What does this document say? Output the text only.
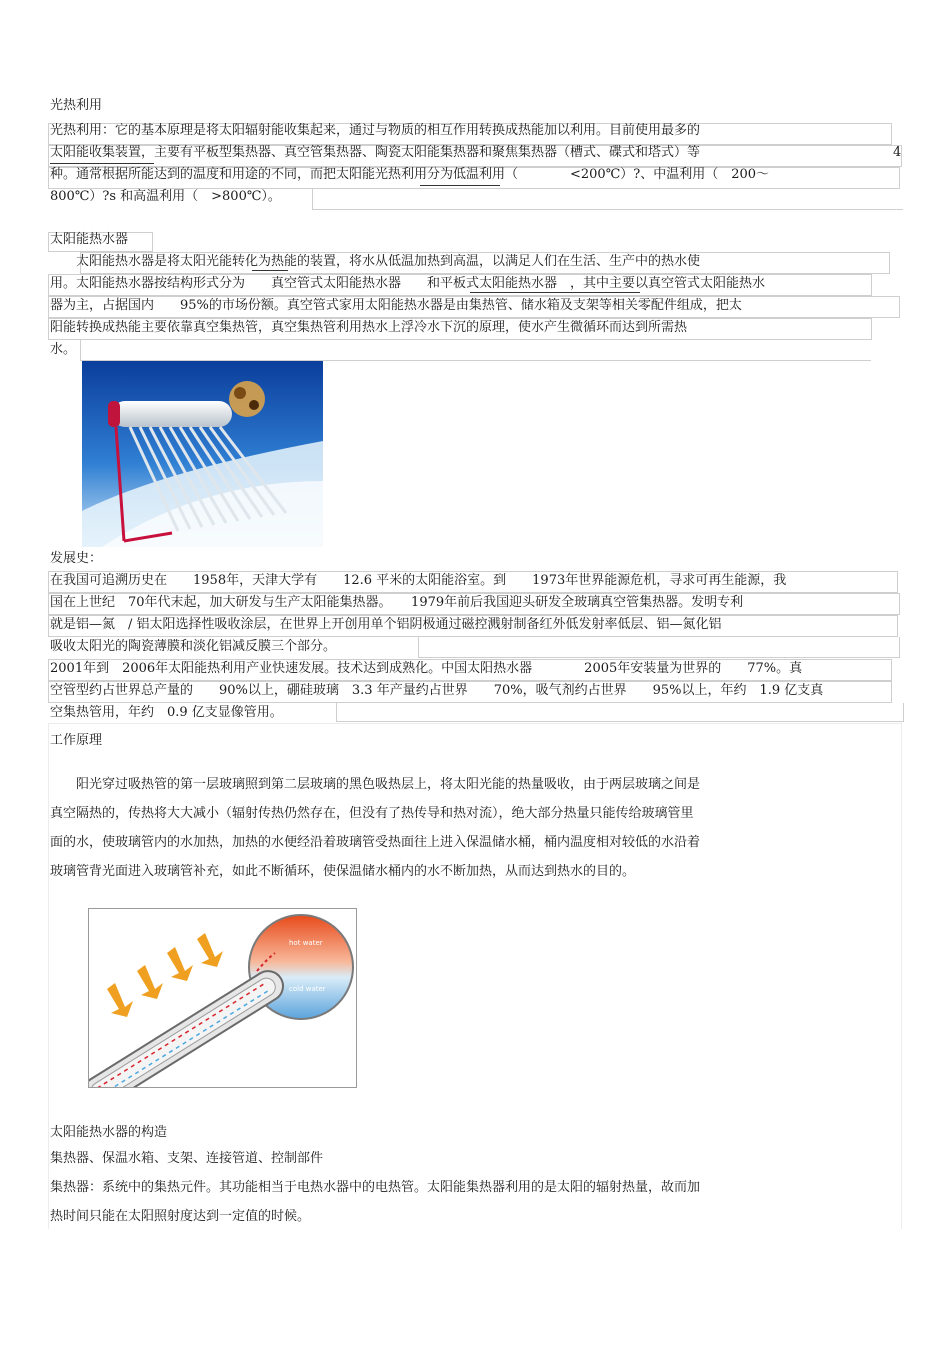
光热利用
光热利用：它的基本原理是将太阳辐射能收集起来，通过与物质的相互作用转换成热能加以利用。目前使用最多的
太阳能收集装置，主要有平板型集热器、真空管集热器、陶瓷太阳能集热器和聚焦集热器（槽式、碟式和塔式）等	4
种。通常根据所能达到的温度和用途的不同，而把太阳能光热利用分为低温利用（　　　　<200℃）?、中温利用（　200～
800℃）?s 和高温利用（　>800℃）。
太阳能热水器
　　太阳能热水器是将太阳光能转化为热能的装置，将水从低温加热到高温，以满足人们在生活、生产中的热水使
用。太阳能热水器按结构形式分为　　真空管式太阳能热水器　　和平板式太阳能热水器　，其中主要以真空管式太阳能热水
器为主，占据国内　　95%的市场份额。真空管式家用太阳能热水器是由集热管、储水箱及支架等相关零配件组成，把太
阳能转换成热能主要依靠真空集热管，真空集热管利用热水上浮冷水下沉的原理，使水产生微循环而达到所需热
水。
发展史：
在我国可追溯历史在　　1958年，天津大学有　　12.6 平米的太阳能浴室。到　　1973年世界能源危机，寻求可再生能源，我
国在上世纪　70年代末起，加大研发与生产太阳能集热器。　　1979年前后我国迎头研发全玻璃真空管集热器。发明专利
就是铝—氮　/ 铝太阳选择性吸收涂层，在世界上开创用单个铝阴极通过磁控溅射制备红外低发射率低层、铝—氮化铝
吸收太阳光的陶瓷薄膜和淡化铝减反膜三个部分。
2001年到　2006年太阳能热利用产业快速发展。技术达到成熟化。中国太阳热水器　　　　2005年安装量为世界的　　77%。真
空管型约占世界总产量的　　90%以上，硼硅玻璃　3.3 年产量约占世界　　70%，吸气剂约占世界　　95%以上，年约　1.9 亿支真
空集热管用，年约　0.9 亿支显像管用。
工作原理
　　阳光穿过吸热管的第一层玻璃照到第二层玻璃的黑色吸热层上，将太阳光能的热量吸收，由于两层玻璃之间是
真空隔热的，传热将大大减小（辐射传热仍然存在，但没有了热传导和热对流），绝大部分热量只能传给玻璃管里
面的水，使玻璃管内的水加热，加热的水便经沿着玻璃管受热面往上进入保温储水桶，桶内温度相对较低的水沿着
玻璃管背光面进入玻璃管补充，如此不断循环，使保温储水桶内的水不断加热，从而达到热水的目的。
hot water
cold water
太阳能热水器的构造
集热器、保温水箱、支架、连接管道、控制部件
集热器：系统中的集热元件。其功能相当于电热水器中的电热管。太阳能集热器利用的是太阳的辐射热量，故而加
热时间只能在太阳照射度达到一定值的时候。
